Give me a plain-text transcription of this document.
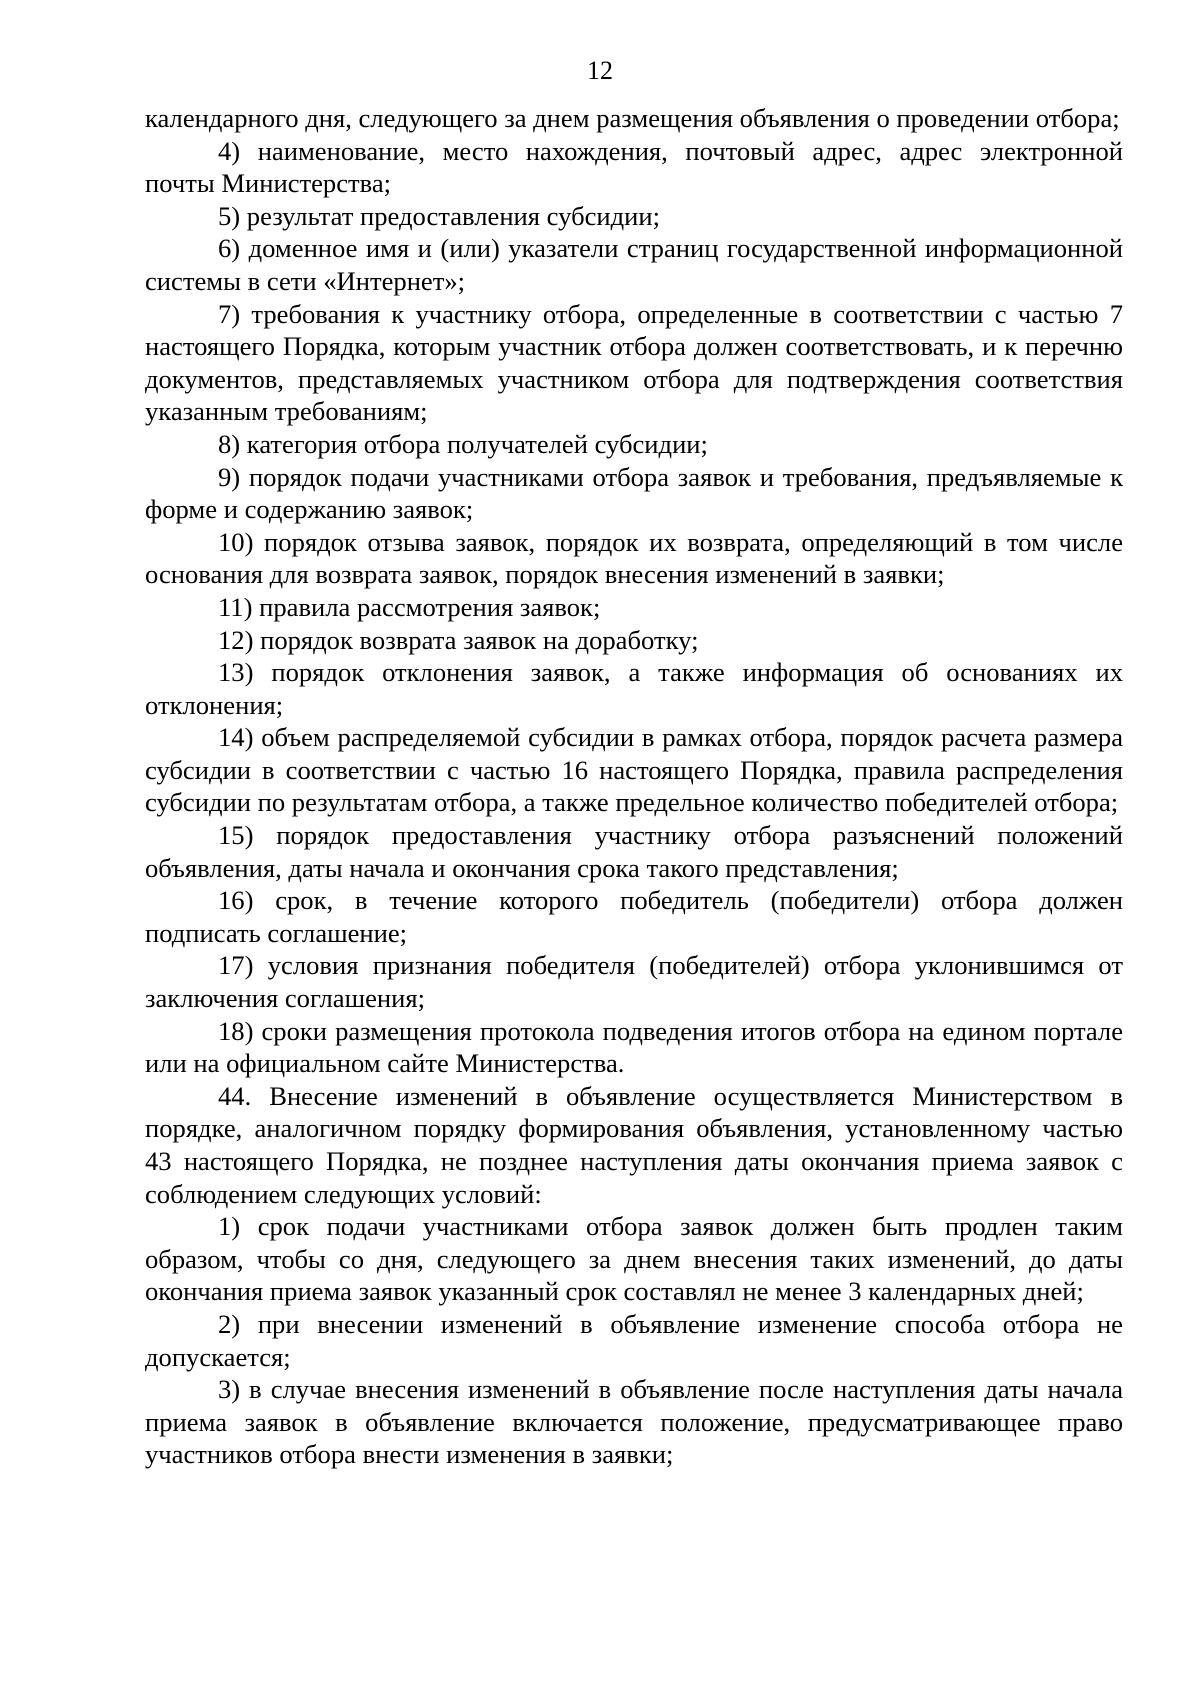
12

календарного дня, следующего за днем размещения объявления о проведении отбора;

4) наименование, место нахождения, почтовый адрес, адрес электронной почты Министерства;

5) результат предоставления субсидии;

6) доменное имя и (или) указатели страниц государственной информационной системы в сети «Интернет»;

7) требования к участнику отбора, определенные в соответствии с частью 7 настоящего Порядка, которым участник отбора должен соответствовать, и к перечню документов, представляемых участником отбора для подтверждения соответствия указанным требованиям;

8) категория отбора получателей субсидии;

9) порядок подачи участниками отбора заявок и требования, предъявляемые к форме и содержанию заявок;

10) порядок отзыва заявок, порядок их возврата, определяющий в том числе основания для возврата заявок, порядок внесения изменений в заявки;

11) правила рассмотрения заявок;

12) порядок возврата заявок на доработку;

13) порядок отклонения заявок, а также информация об основаниях их отклонения;

14) объем распределяемой субсидии в рамках отбора, порядок расчета размера субсидии в соответствии с частью 16 настоящего Порядка, правила распределения субсидии по результатам отбора, а также предельное количество победителей отбора;

15) порядок предоставления участнику отбора разъяснений положений объявления, даты начала и окончания срока такого представления;

16) срок, в течение которого победитель (победители) отбора должен подписать соглашение;

17) условия признания победителя (победителей) отбора уклонившимся от заключения соглашения;

18) сроки размещения протокола подведения итогов отбора на едином портале или на официальном сайте Министерства.

44. Внесение изменений в объявление осуществляется Министерством в порядке, аналогичном порядку формирования объявления, установленному частью 43 настоящего Порядка, не позднее наступления даты окончания приема заявок с соблюдением следующих условий:

1) срок подачи участниками отбора заявок должен быть продлен таким образом, чтобы со дня, следующего за днем внесения таких изменений, до даты окончания приема заявок указанный срок составлял не менее 3 календарных дней;

2) при внесении изменений в объявление изменение способа отбора не допускается;

3) в случае внесения изменений в объявление после наступления даты начала приема заявок в объявление включается положение, предусматривающее право участников отбора внести изменения в заявки;
